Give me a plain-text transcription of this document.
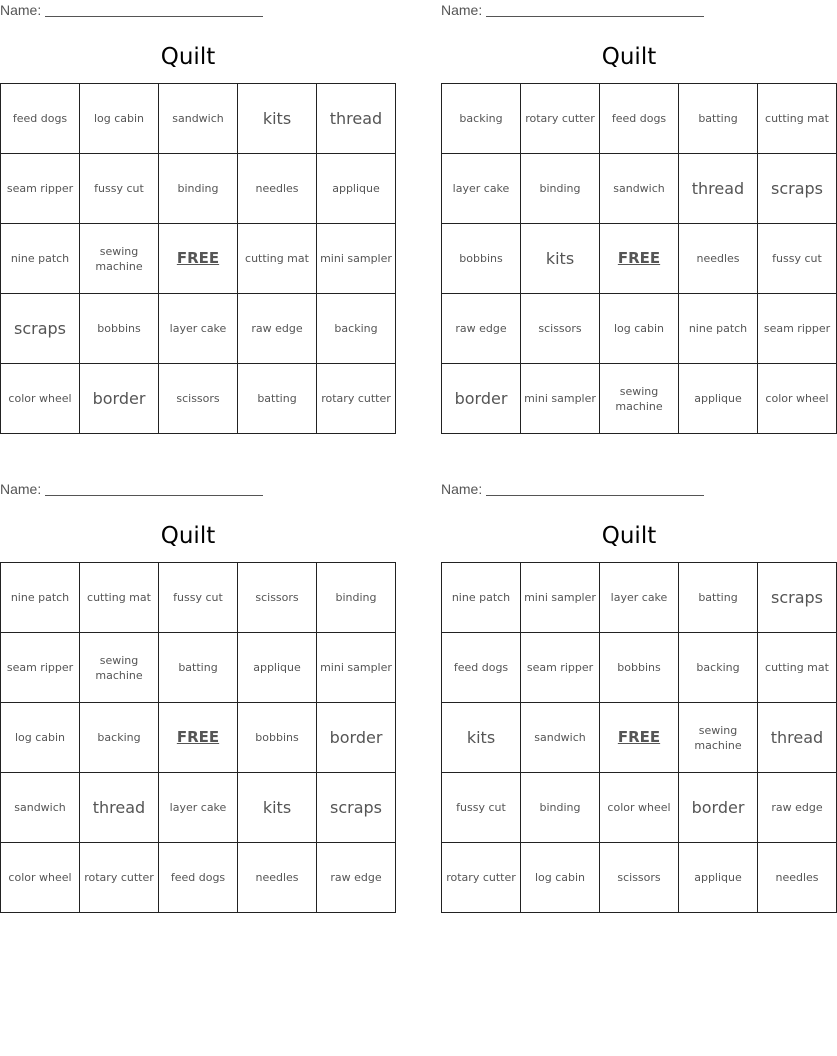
Name:
Quilt
feed dogs	log cabin	sandwich	kits	thread
seam ripper	fussy cut	binding	needles	applique
nine patch	sewing machine	FREE	cutting mat	mini sampler
scraps	bobbins	layer cake	raw edge	backing
color wheel	border	scissors	batting	rotary cutter
Name:
Quilt
backing	rotary cutter	feed dogs	batting	cutting mat
layer cake	binding	sandwich	thread	scraps
bobbins	kits	FREE	needles	fussy cut
raw edge	scissors	log cabin	nine patch	seam ripper
border	mini sampler	sewing machine	applique	color wheel
Name:
Quilt
nine patch	cutting mat	fussy cut	scissors	binding
seam ripper	sewing machine	batting	applique	mini sampler
log cabin	backing	FREE	bobbins	border
sandwich	thread	layer cake	kits	scraps
color wheel	rotary cutter	feed dogs	needles	raw edge
Name:
Quilt
nine patch	mini sampler	layer cake	batting	scraps
feed dogs	seam ripper	bobbins	backing	cutting mat
kits	sandwich	FREE	sewing machine	thread
fussy cut	binding	color wheel	border	raw edge
rotary cutter	log cabin	scissors	applique	needles
